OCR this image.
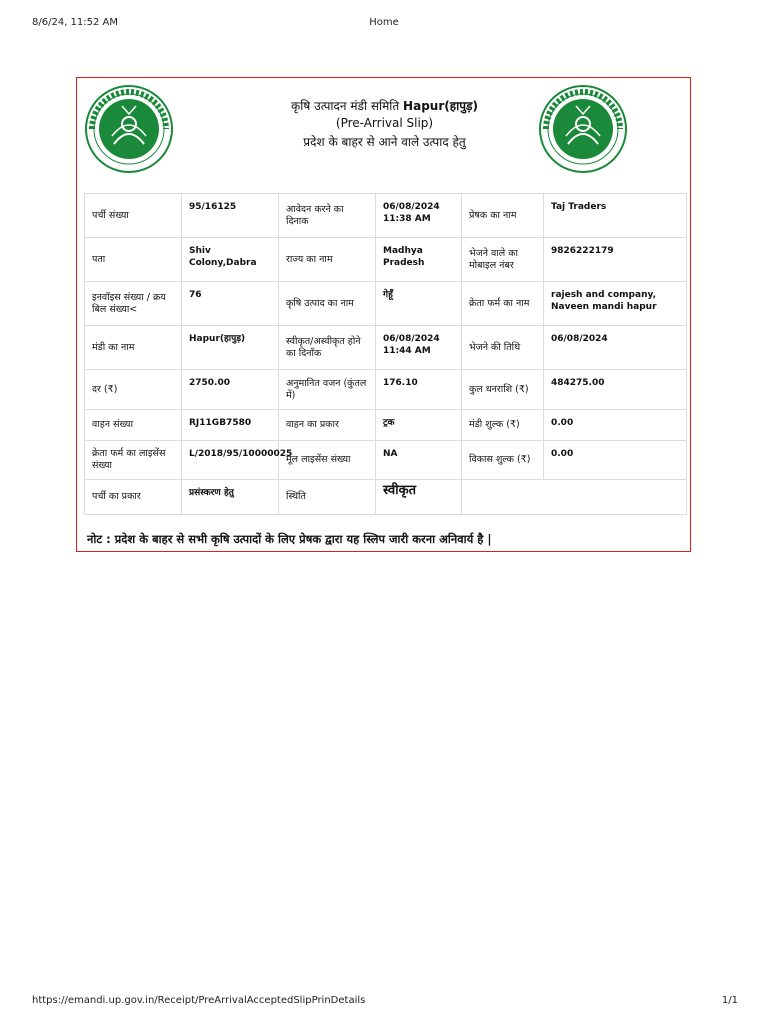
8/6/24, 11:52 AM	Home
कृषि उत्पादन मंडी समिति Hapur(हापुड़)
(Pre-Arrival Slip)
प्रदेश के बाहर से आने वाले उत्पाद हेतु
पर्ची संख्या	95/16125	आवेदन करने का दिनाक	06/08/2024 11:38 AM	प्रेषक का नाम	Taj Traders
पता	Shiv Colony,Dabra	राज्य का नाम	Madhya Pradesh	भेजने वाले का मोबाइल नंबर	9826222179
इनवॉइस संख्या / क्रय बिल संख्या<	76	कृषि उत्पाद का नाम	गेहूँ	क्रेता फर्म का नाम	rajesh and company, Naveen mandi hapur
मंडी का नाम	Hapur(हापुड़)	स्वीकृत/अस्वीकृत होने का दिनाँक	06/08/2024 11:44 AM	भेजने की तिथि	06/08/2024
दर (₹)	2750.00	अनुमानित वजन (कुंतल में)	176.10	कुल धनराशि (₹)	484275.00
वाहन संख्या	RJ11GB7580	वाहन का प्रकार	ट्रक	मंडी शुल्क (₹)	0.00
क्रेता फर्म का लाइसेंस संख्या	L/2018/95/10000025	मूल लाइसेंस संख्या	NA	विकास शुल्क (₹)	0.00
पर्ची का प्रकार	प्रसंस्करण हेतु	स्थिति	स्वीकृत		
नोट : प्रदेश के बाहर से सभी कृषि उत्पादों के लिए प्रेषक द्वारा यह स्लिप जारी करना अनिवार्य है |
https://emandi.up.gov.in/Receipt/PreArrivalAcceptedSlipPrinDetails	1/1
